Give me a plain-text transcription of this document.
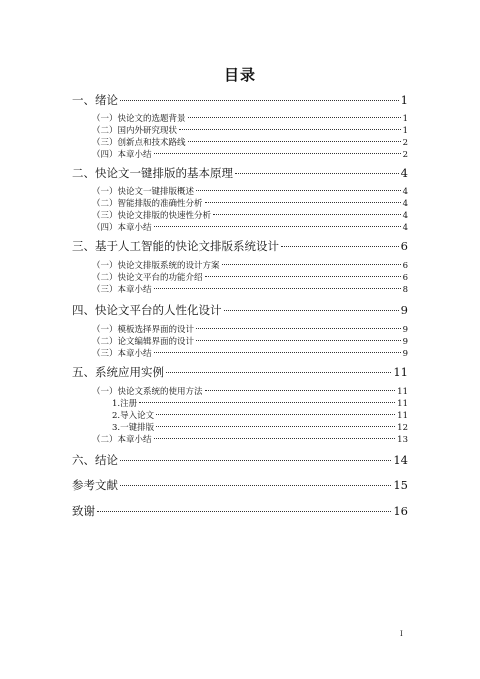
目录
一、绪论	1
（一）快论文的选题背景	1
（二）国内外研究现状	1
（三）创新点和技术路线	2
（四）本章小结	2
二、快论文一键排版的基本原理	4
（一）快论文一键排版概述	4
（二）智能排版的准确性分析	4
（三）快论文排版的快速性分析	4
（四）本章小结	4
三、基于人工智能的快论文排版系统设计	6
（一）快论文排版系统的设计方案	6
（二）快论文平台的功能介绍	6
（三）本章小结	8
四、快论文平台的人性化设计	9
（一）模板选择界面的设计	9
（二）论文编辑界面的设计	9
（三）本章小结	9
五、系统应用实例	11
（一）快论文系统的使用方法	11
1.注册	11
2.导入论文	11
3.一键排版	12
（二）本章小结	13
六、结论	14
参考文献	15
致谢	16
I
